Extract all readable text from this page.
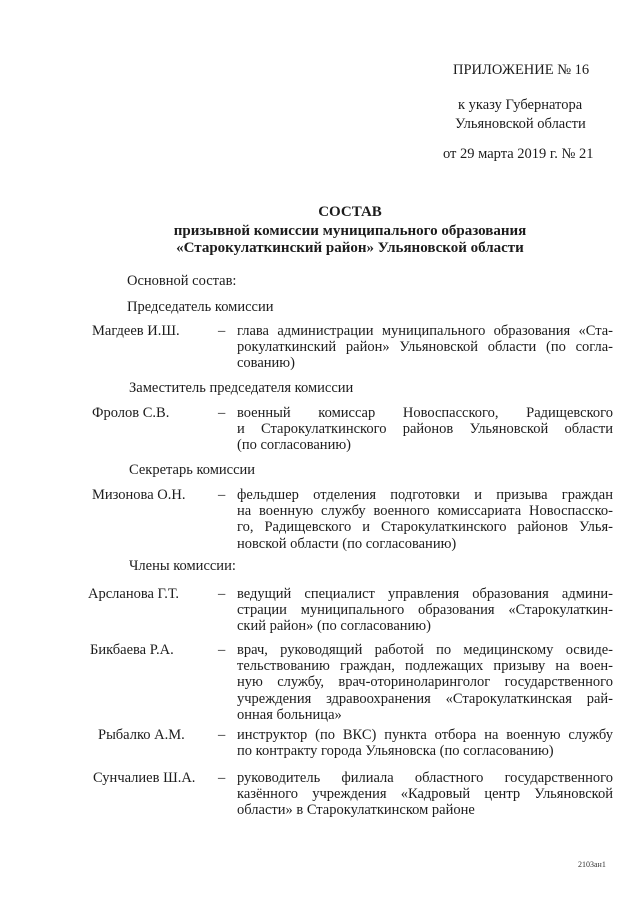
ПРИЛОЖЕНИЕ № 16
к указу Губернатора
Ульяновской области
от 29 марта 2019 г. № 21
СОСТАВ
призывной комиссии муниципального образования
«Старокулаткинский район» Ульяновской области
Основной состав:
Председатель комиссии
Магдеев И.Ш.	– глава администрации муниципального образования «Ста-
рокулаткинский район» Ульяновской области (по согла-
сованию)
Заместитель председателя комиссии
Фролов С.В.	– военный комиссар Новоспасского, Радищевского
и Старокулаткинского районов Ульяновской области
(по согласованию)
Секретарь комиссии
Мизонова О.Н. – фельдшер отделения подготовки и призыва граждан
на военную службу военного комиссариата Новоспасско-
го, Радищевского и Старокулаткинского районов Улья-
новской области (по согласованию)
Члены комиссии:
Арсланова Г.Т.	– ведущий специалист управления образования админи-
страции муниципального образования «Старокулаткин-
ский район» (по согласованию)
Бикбаева Р.А.	– врач, руководящий работой по медицинскому освиде-
тельствованию граждан, подлежащих призыву на воен-
ную службу, врач-оториноларинголог государственного
учреждения здравоохранения «Старокулаткинская рай-
онная больница»
Рыбалко А.М. – инструктор (по ВКС) пункта отбора на военную службу
по контракту города Ульяновска (по согласованию)
Сунчалиев Ш.А. – руководитель филиала областного государственного
казённого учреждения «Кадровый центр Ульяновской
области» в Старокулаткинском районе
2103ан1
